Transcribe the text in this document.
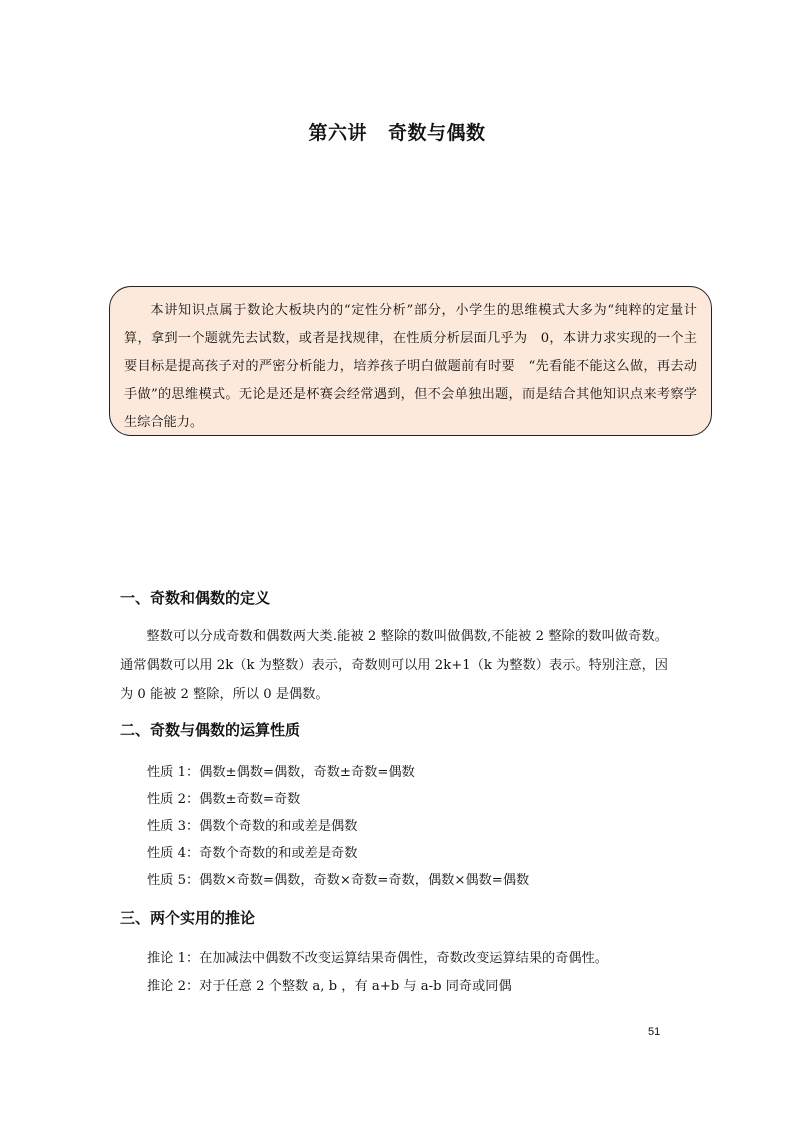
第六讲 奇数与偶数
本讲知识点属于数论大板块内的“定性分析”部分，小学生的思维模式大多为“纯粹的定量计算，拿到一个题就先去试数，或者是找规律，在性质分析层面几乎为　0，本讲力求实现的一个主要目标是提高孩子对的严密分析能力，培养孩子明白做题前有时要　“先看能不能这么做，再去动手做”的思维模式。无论是还是杯赛会经常遇到，但不会单独出题，而是结合其他知识点来考察学生综合能力。
一、奇数和偶数的定义
整数可以分成奇数和偶数两大类.能被 2 整除的数叫做偶数,不能被 2 整除的数叫做奇数。通常偶数可以用 2k（k 为整数）表示，奇数则可以用 2k+1（k 为整数）表示。特别注意，因为 0 能被 2 整除，所以 0 是偶数。
二、奇数与偶数的运算性质
性质 1：偶数±偶数=偶数，奇数±奇数=偶数
性质 2：偶数±奇数=奇数
性质 3：偶数个奇数的和或差是偶数
性质 4：奇数个奇数的和或差是奇数
性质 5：偶数×奇数=偶数，奇数×奇数=奇数，偶数×偶数=偶数
三、两个实用的推论
推论 1：在加减法中偶数不改变运算结果奇偶性，奇数改变运算结果的奇偶性。
推论 2：对于任意 2 个整数 a, b ，有 a+b 与 a-b 同奇或同偶
51
